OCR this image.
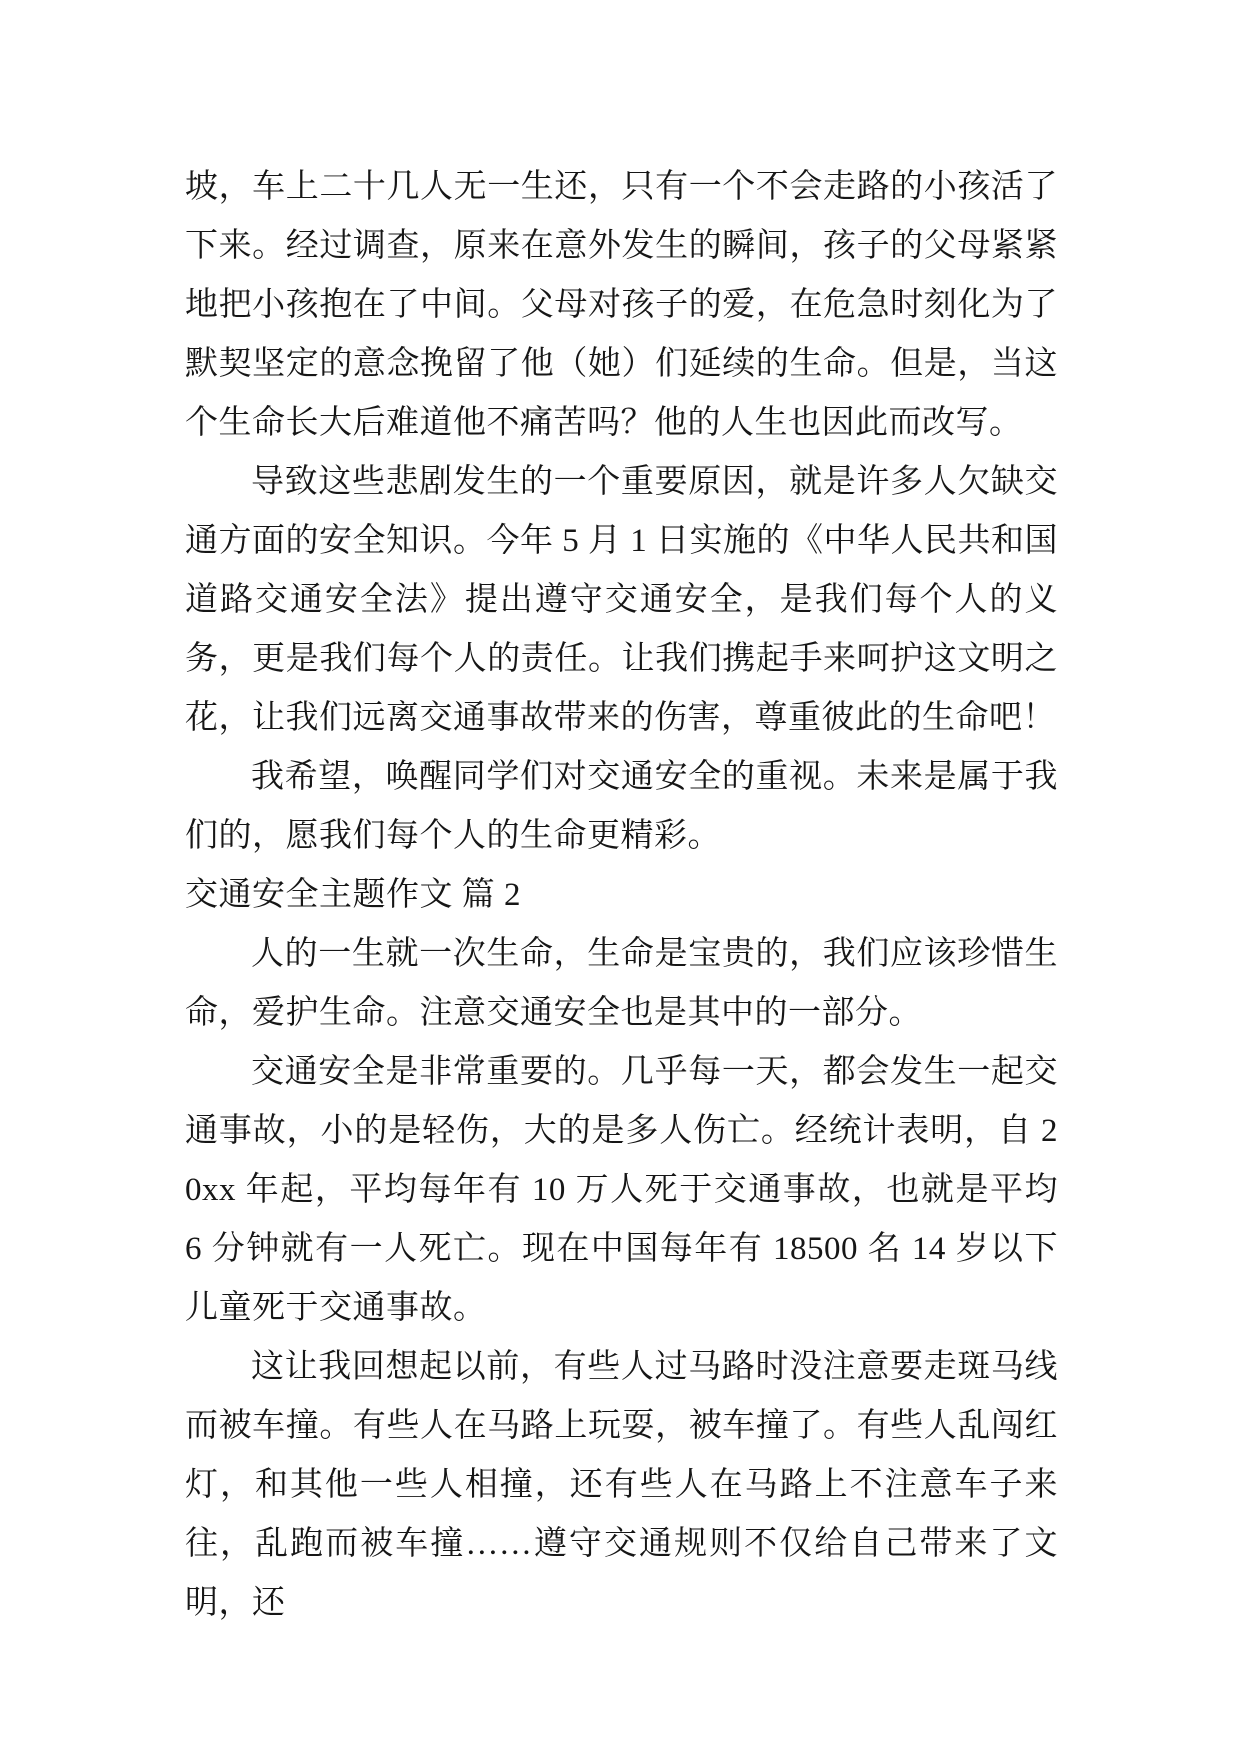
坡，车上二十几人无一生还，只有一个不会走路的小孩活了下来。经过调查，原来在意外发生的瞬间，孩子的父母紧紧地把小孩抱在了中间。父母对孩子的爱，在危急时刻化为了默契坚定的意念挽留了他（她）们延续的生命。但是，当这个生命长大后难道他不痛苦吗？他的人生也因此而改写。

导致这些悲剧发生的一个重要原因，就是许多人欠缺交通方面的安全知识。今年 5 月 1 日实施的《中华人民共和国道路交通安全法》提出遵守交通安全，是我们每个人的义务，更是我们每个人的责任。让我们携起手来呵护这文明之花，让我们远离交通事故带来的伤害，尊重彼此的生命吧！

我希望，唤醒同学们对交通安全的重视。未来是属于我们的，愿我们每个人的生命更精彩。

交通安全主题作文 篇 2

人的一生就一次生命，生命是宝贵的，我们应该珍惜生命，爱护生命。注意交通安全也是其中的一部分。

交通安全是非常重要的。几乎每一天，都会发生一起交通事故，小的是轻伤，大的是多人伤亡。经统计表明，自 20xx 年起，平均每年有 10 万人死于交通事故，也就是平均 6 分钟就有一人死亡。现在中国每年有 18500 名 14 岁以下儿童死于交通事故。

这让我回想起以前，有些人过马路时没注意要走斑马线而被车撞。有些人在马路上玩耍，被车撞了。有些人乱闯红灯，和其他一些人相撞，还有些人在马路上不注意车子来往，乱跑而被车撞……遵守交通规则不仅给自己带来了文明，还
